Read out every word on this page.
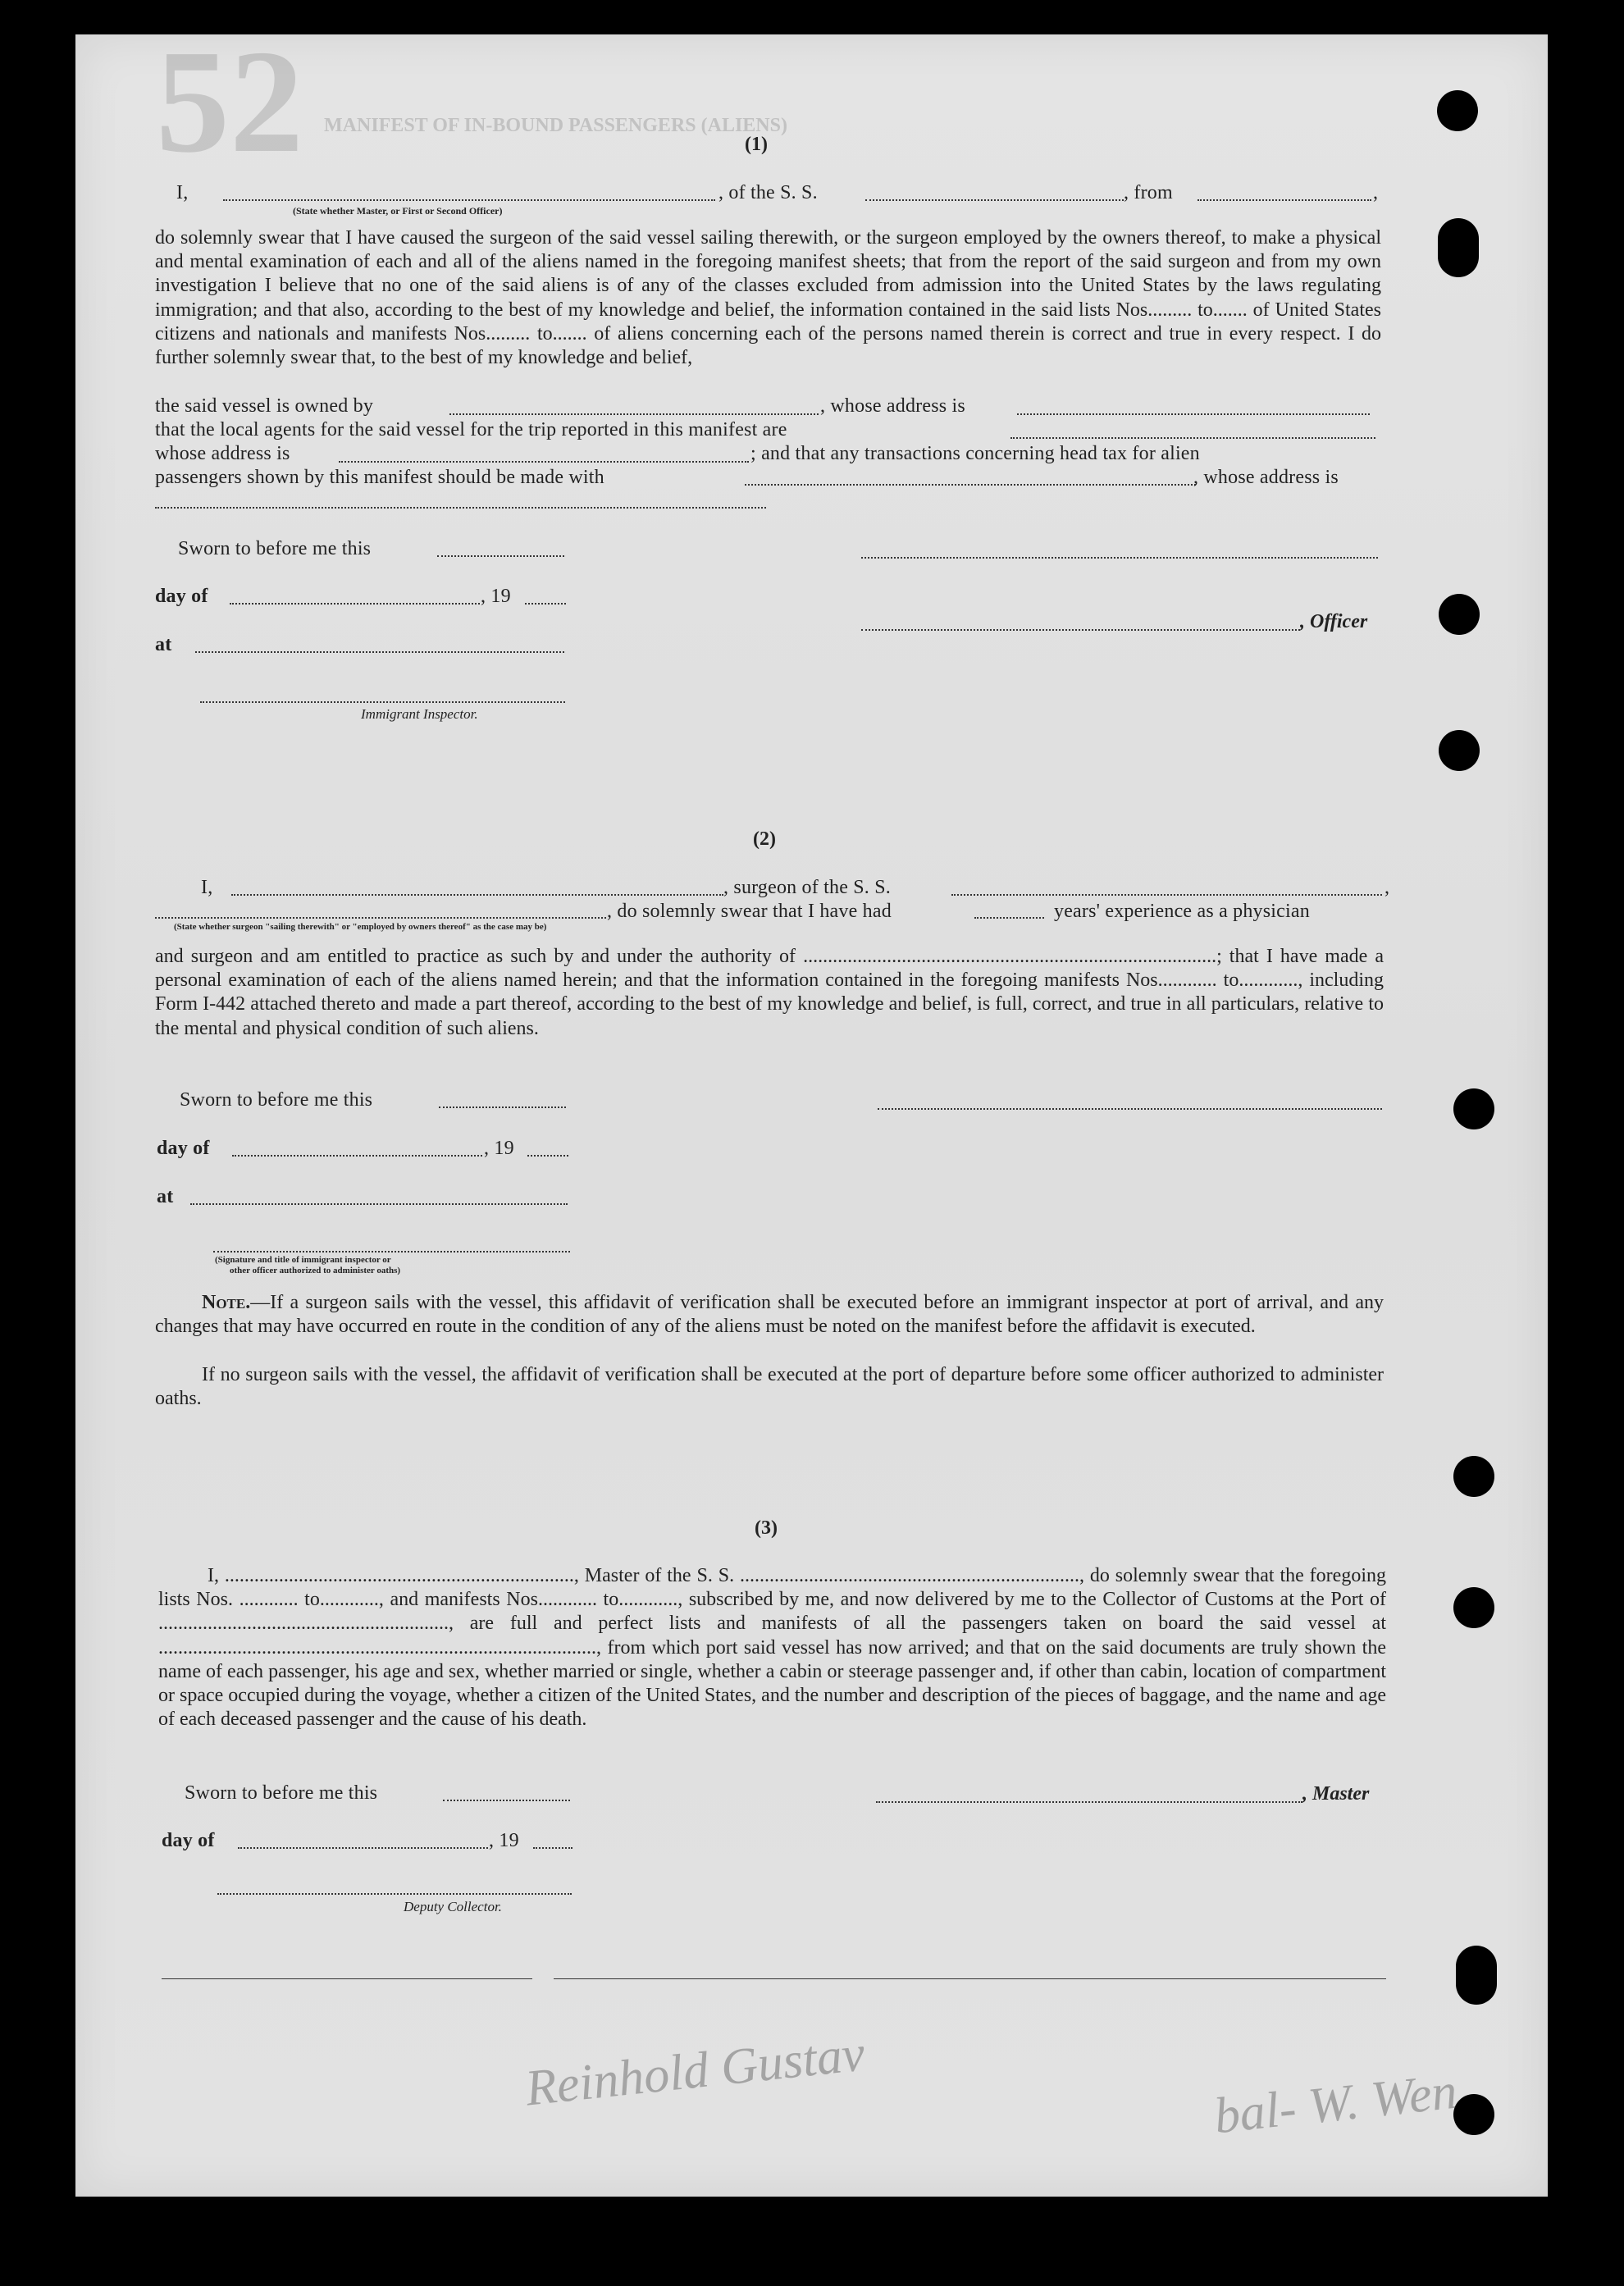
52 MANIFEST OF IN-BOUND PASSENGERS (ALIENS)
Reinhold Gustav	bal- W. Wen
(1)
I,	, of the S. S.	, from	,
(State whether Master, or First or Second Officer)
do solemnly swear that I have caused the surgeon of the said vessel sailing therewith, or the surgeon employed by the owners thereof, to make a physical and mental examination of each and all of the aliens named in the foregoing manifest sheets; that from the report of the said surgeon and from my own investigation I believe that no one of the said aliens is of any of the classes excluded from admission into the United States by the laws regulating immigration; and that also, according to the best of my knowledge and belief, the information contained in the said lists Nos......... to....... of United States citizens and nationals and manifests Nos......... to....... of aliens concerning each of the persons named therein is correct and true in every respect. I do further solemnly swear that, to the best of my knowledge and belief,
the said vessel is owned by	, whose address is
that the local agents for the said vessel for the trip reported in this manifest are
whose address is	; and that any transactions concerning head tax for alien
passengers shown by this manifest should be made with	, whose address is
Sworn to before me this
day of	, 19
, Officer
at
Immigrant Inspector.
(2)
I,	, surgeon of the S. S.	,
, do solemnly swear that I have had	years' experience as a physician
(State whether surgeon "sailing therewith" or "employed by owners thereof" as the case may be)
and surgeon and am entitled to practice as such by and under the authority of ....................................................................................; that I have made a personal examination of each of the aliens named herein; and that the information contained in the foregoing manifests Nos............ to............, including Form I-442 attached thereto and made a part thereof, according to the best of my knowledge and belief, is full, correct, and true in all particulars, relative to the mental and physical condition of such aliens.
Sworn to before me this
day of	, 19
at
(Signature and title of immigrant inspector or
other officer authorized to administer oaths)
Note.—If a surgeon sails with the vessel, this affidavit of verification shall be executed before an immigrant inspector at port of arrival, and any changes that may have occurred en route in the condition of any of the aliens must be noted on the manifest before the affidavit is executed.
If no surgeon sails with the vessel, the affidavit of verification shall be executed at the port of departure before some officer authorized to administer oaths.
(3)
I, ......................................................................., Master of the S. S. ....................................................................., do solemnly swear that the foregoing lists Nos. ............ to............, and manifests Nos............ to............, subscribed by me, and now delivered by me to the Collector of Customs at the Port of ..........................................................., are full and perfect lists and manifests of all the passengers taken on board the said vessel at ........................................................................................., from which port said vessel has now arrived; and that on the said documents are truly shown the name of each passenger, his age and sex, whether married or single, whether a cabin or steerage passenger and, if other than cabin, location of compartment or space occupied during the voyage, whether a citizen of the United States, and the number and description of the pieces of baggage, and the name and age of each deceased passenger and the cause of his death.
Sworn to before me this	, Master
day of	, 19
Deputy Collector.
